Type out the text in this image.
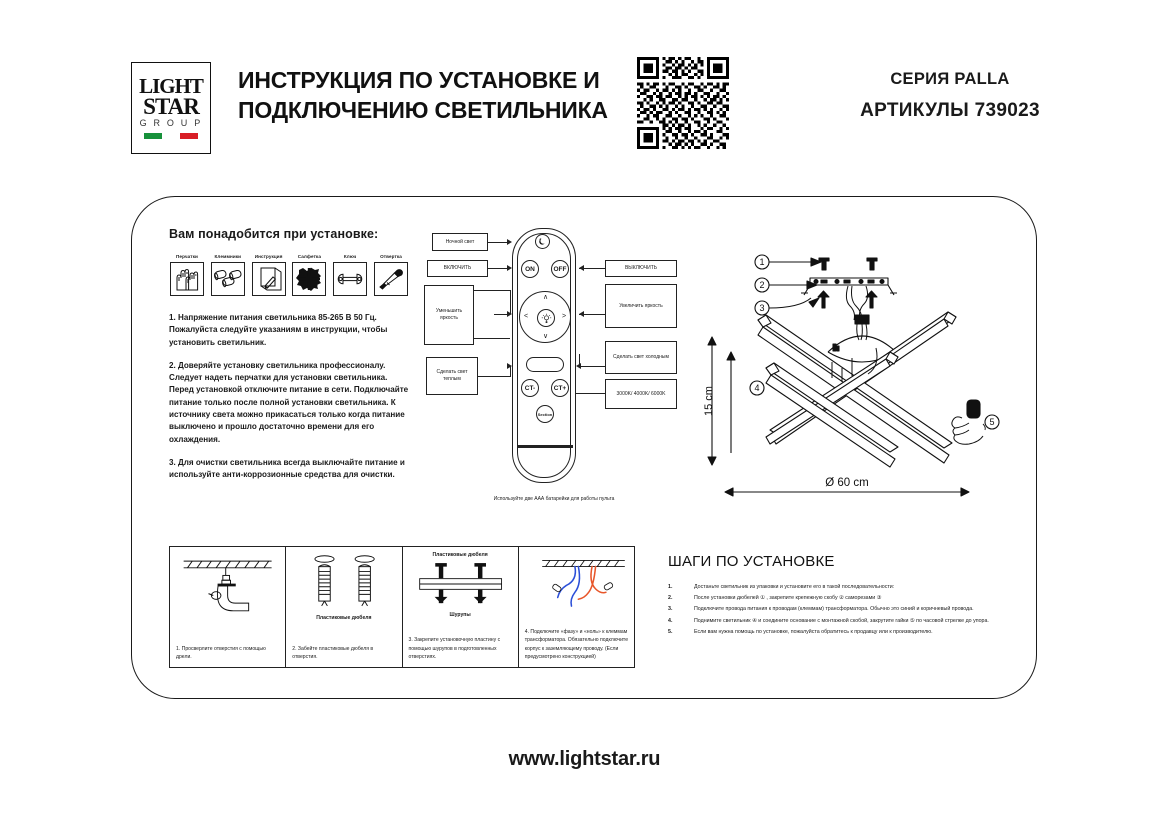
LIGHT
STAR
G R O U P
ИНСТРУКЦИЯ ПО УСТАНОВКЕ И ПОДКЛЮЧЕНИЮ СВЕТИЛЬНИКА
СЕРИЯ PALLA
АРТИКУЛЫ 739023
Вам понадобится при установке:
Перчатки	Клеммники	Инструкция	Салфетка	Ключ	Отвертка

1. Напряжение питания светильника 85-265 В 50 Гц. Пожалуйста следуйте указаниям в инструкции, чтобы установить светильник.

2. Доверяйте установку светильника профессионалу. Следует надеть перчатки для установки светильника. Перед установкой отключите питание в сети. Подключайте питание только после полной установки светильника. К источнику света можно прикасаться только когда питание выключено и прошло достаточно времени для его охлаждения.

3. Для очистки светильника всегда выключайте питание и используйте анти-коррозионные средства для очистки.

Ночной свет
ВКЛЮЧИТЬ
Уменьшить яркость
Сделать свет теплым
ВЫКЛЮЧИТЬ
Увеличить яркость
Сделать свет холодным
3000K/ 4000K/ 6000K
ON	OFF
∧
∨
<	>
CT-	CT+
Section
Используйте две ААА батарейки для работы пульта
1
2
3
4
5
15 cm
Ø 60 cm
1. Просверлите отверстия с помощью дрели.
Пластиковые дюбеля
2. Забейте пластиковые дюбеля в отверстия.
Пластиковые дюбеля
Шурупы
3. Закрепите установочную пластину с помощью шурупов в подготовленных отверстиях.
4. Подключите «фазу» и «ноль» к клеммам транcформатора. Обязательно подключите корпус к заземляющему проводу. (Если предусмотрено конструкцией)
ШАГИ ПО УСТАНОВКЕ
1.	Достаньте светильник из упаковки и установите его в такой последовательности:
2.	После установки дюбелей ① , закрепите крепежную скобу ② саморезами ③
3.	Подключите провода питания к проводам (клеммам) трансформатора. Обычно это синий и коричневый провода.
4.	Поднимите светильник ④ и соедините основание с монтажной скобой, закрутите гайки ⑤ по часовой стрелке до упора.
5.	Если вам нужна помощь по установке, пожалуйста обратитесь к продавцу или к производителю.
www.lightstar.ru
